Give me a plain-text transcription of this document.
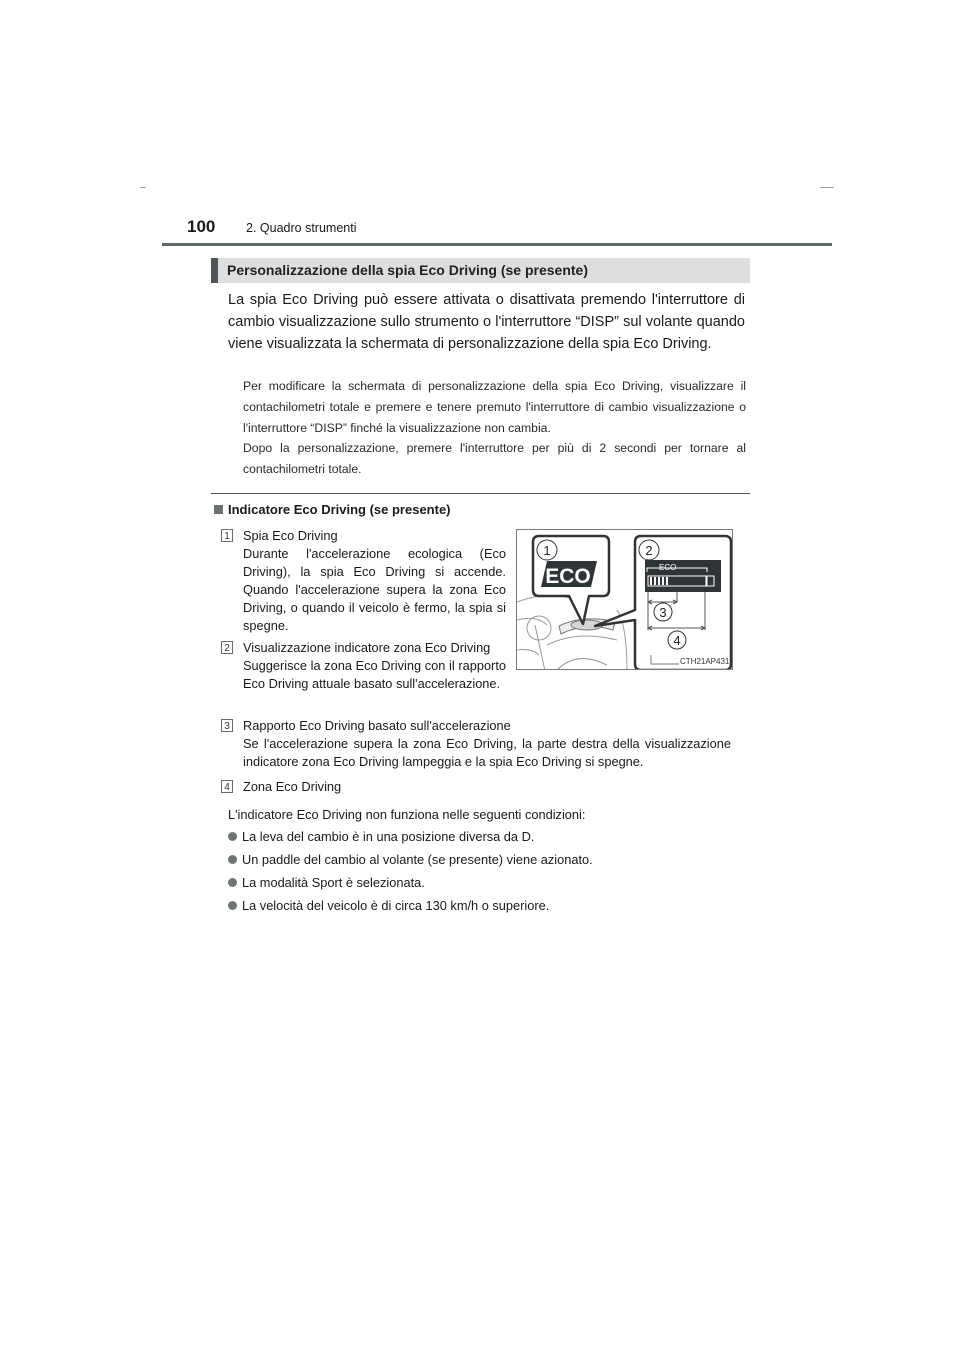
100 2. Quadro strumenti
Personalizzazione della spia Eco Driving (se presente)
La spia Eco Driving può essere attivata o disattivata premendo l'interruttore di cambio visualizzazione sullo strumento o l'interruttore “DISP” sul volante quando viene visualizzata la schermata di personalizzazione della spia Eco Driving.
Per modificare la schermata di personalizzazione della spia Eco Driving, visualizzare il contachilometri totale e premere e tenere premuto l'interruttore di cambio visualizzazione o l'interruttore “DISP” finché la visualizzazione non cambia.
Dopo la personalizzazione, premere l'interruttore per più di 2 secondi per tornare al contachilometri totale.
Indicatore Eco Driving (se presente)
1 Spia Eco Driving
Durante l'accelerazione ecologica (Eco Driving), la spia Eco Driving si accende. Quando l'accelerazione supera la zona Eco Driving, o quando il veicolo è fermo, la spia si spegne.
2 Visualizzazione indicatore zona Eco Driving
Suggerisce la zona Eco Driving con il rapporto Eco Driving attuale basato sull'accelerazione.
3 Rapporto Eco Driving basato sull'accelerazione
Se l'accelerazione supera la zona Eco Driving, la parte destra della visualizzazione indicatore zona Eco Driving lampeggia e la spia Eco Driving si spegne.
4 Zona Eco Driving
ECO	ECO
1	2
3
4
CTH21AP431
L'indicatore Eco Driving non funziona nelle seguenti condizioni:
La leva del cambio è in una posizione diversa da D.
Un paddle del cambio al volante (se presente) viene azionato.
La modalità Sport è selezionata.
La velocità del veicolo è di circa 130 km/h o superiore.
